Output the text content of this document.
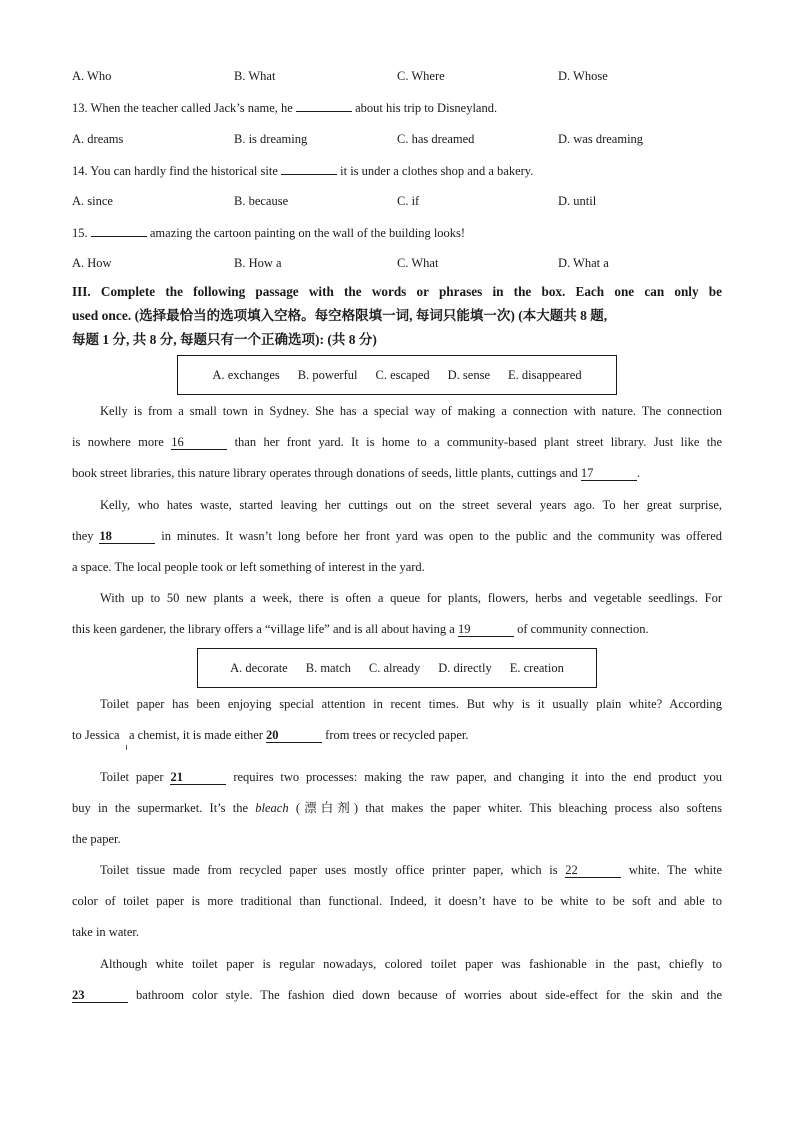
A. Who	B. What	C. Where	D. Whose
13. When the teacher called Jack’s name, he	about his trip to Disneyland.
A. dreams	B. is dreaming	C. has dreamed	D. was dreaming
14. You can hardly find the historical site	it is under a clothes shop and a bakery.
A. since	B. because	C. if	D. until
15.	amazing the cartoon painting on the wall of the building looks!
A. How	B. How a	C. What	D. What a
III. Complete the following passage with the words or phrases in the box. Each one can only be
used once. (选择最恰当的选项填入空格。每空格限填一词, 每词只能填一次) (本大题共 8 题,
每题 1 分, 共 8 分, 每题只有一个正确选项): (共 8 分)
A. exchanges B. powerful C. escaped D. sense E. disappeared
Kelly is from a small town in Sydney. She has a special way of making a connection with nature. The connection
is nowhere more 16	than her front yard. It is home to a community-based plant street library. Just like the
book street libraries, this nature library operates through donations of seeds, little plants, cuttings and 17	.
Kelly, who hates waste, started leaving her cuttings out on the street several years ago. To her great surprise,
they 18	in minutes. It wasn’t long before her front yard was open to the public and the community was offered
a space. The local people took or left something of interest in the yard.
With up to 50 new plants a week, there is often a queue for plants, flowers, herbs and vegetable seedlings. For
this keen gardener, the library offers a “village life” and is all about having a 19	of community connection.
A. decorate B. match C. already D. directly E. creation
Toilet paper has been enjoying special attention in recent times. But why is it usually plain white? According
to Jessica a chemist, it is made either 20	from trees or recycled paper.
Toilet paper 21	requires two processes: making the raw paper, and changing it into the end product you
buy in the supermarket. It’s the bleach (漂白剂) that makes the paper whiter. This bleaching process also softens
the paper.
Toilet tissue made from recycled paper uses mostly office printer paper, which is 22	white. The white
color of toilet paper is more traditional than functional. Indeed, it doesn’t have to be white to be soft and able to
take in water.
Although white toilet paper is regular nowadays, colored toilet paper was fashionable in the past, chiefly to
23	bathroom color style. The fashion died down because of worries about side-effect for the skin and the
